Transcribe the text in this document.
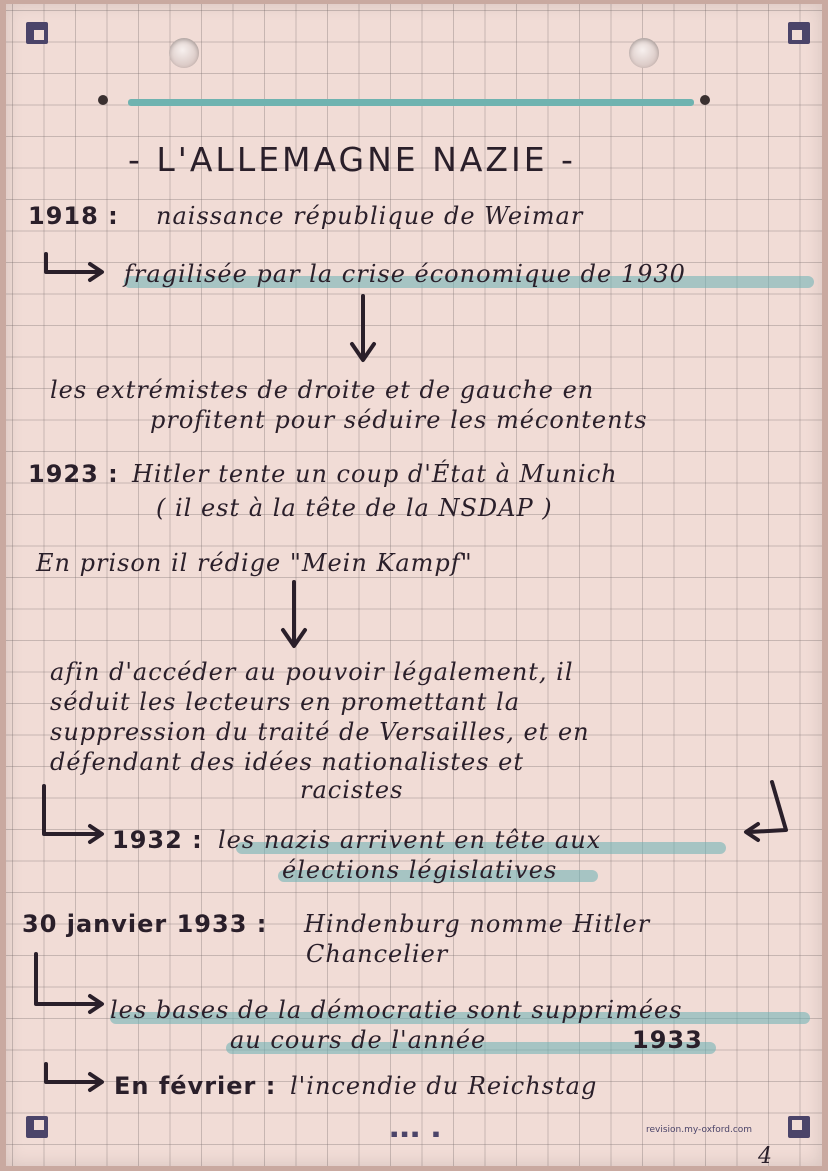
- L'ALLEMAGNE NAZIE -
1918 : naissance république de Weimar
fragilisée par la crise économique de 1930
les extrémistes de droite et de gauche en
profitent pour séduire les mécontents
1923 : Hitler tente un coup d'État à Munich
( il est à la tête de la NSDAP )
En prison il rédige "Mein Kampf"
afin d'accéder au pouvoir légalement, il
séduit les lecteurs en promettant la
suppression du traité de Versailles, et en
défendant des idées nationalistes et
racistes
1932 : les nazis arrivent en tête aux
élections législatives
30 janvier 1933 : Hindenburg nomme Hitler
Chancelier
les bases de la démocratie sont supprimées
au cours de l'année	1933
En février : l'incendie du Reichstag
▪▪▪ ▪	revision.my-oxford.com
4
